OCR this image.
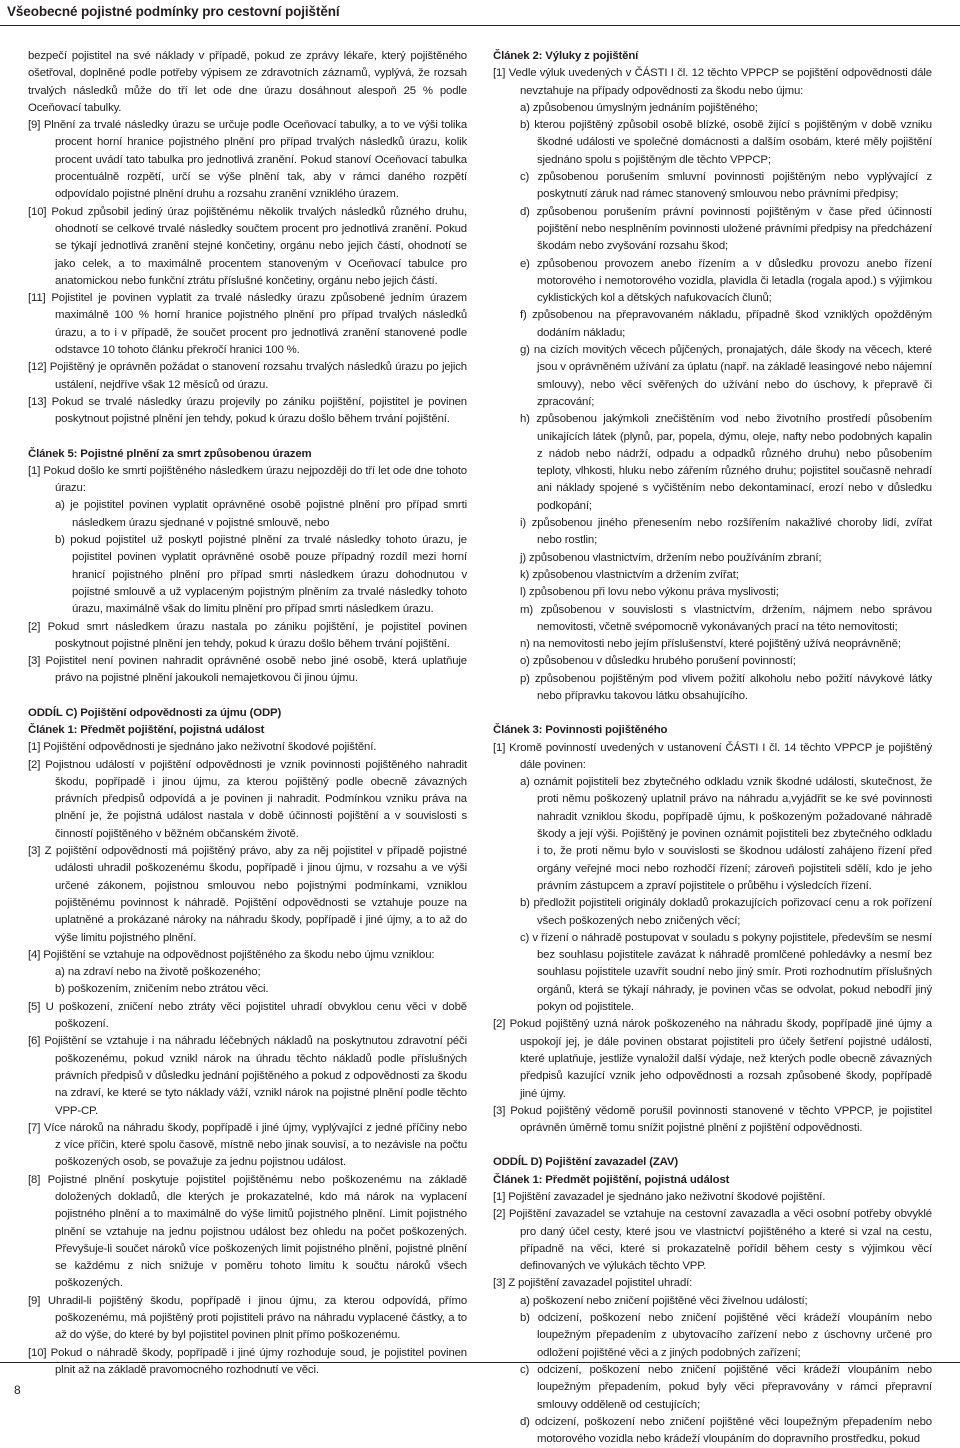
Všeobecné pojistné podmínky pro cestovní pojištění
bezpečí pojistitel na své náklady v případě, pokud ze zprávy lékaře, který pojištěného ošetřoval, doplněné podle potřeby výpisem ze zdravotních záznamů, vyplývá, že rozsah trvalých následků může do tří let ode dne úrazu dosáhnout alespoň 25 % podle Oceňovací tabulky.
[9] Plnění za trvalé následky úrazu se určuje podle Oceňovací tabulky, a to ve výši tolika procent horní hranice pojistného plnění pro případ trvalých následků úrazu, kolik procent uvádí tato tabulka pro jednotlivá zranění. Pokud stanoví Oceňovací tabulka procentuálně rozpětí, určí se výše plnění tak, aby v rámci daného rozpětí odpovídalo pojistné plnění druhu a rozsahu zranění vzniklého úrazem.
[10] Pokud způsobil jediný úraz pojištěnému několik trvalých následků různého druhu, ohodnotí se celkové trvalé následky součtem procent pro jednotlivá zranění. Pokud se týkají jednotlivá zranění stejné končetiny, orgánu nebo jejich částí, ohodnotí se jako celek, a to maximálně procentem stanoveným v Oceňovací tabulce pro anatomickou nebo funkční ztrátu příslušné končetiny, orgánu nebo jejich částí.
[11] Pojistitel je povinen vyplatit za trvalé následky úrazu způsobené jedním úrazem maximálně 100 % horní hranice pojistného plnění pro případ trvalých následků úrazu, a to i v případě, že součet procent pro jednotlivá zranění stanovené podle odstavce 10 tohoto článku překročí hranici 100 %.
[12] Pojištěný je oprávněn požádat o stanovení rozsahu trvalých následků úrazu po jejich ustálení, nejdříve však 12 měsíců od úrazu.
[13] Pokud se trvalé následky úrazu projevily po zániku pojištění, pojistitel je povinen poskytnout pojistné plnění jen tehdy, pokud k úrazu došlo během trvání pojištění.
Článek 5: Pojistné plnění za smrt způsobenou úrazem
[1] Pokud došlo ke smrti pojištěného následkem úrazu nejpozději do tří let ode dne tohoto úrazu:
a) je pojistitel povinen vyplatit oprávněné osobě pojistné plnění pro případ smrti následkem úrazu sjednané v pojistné smlouvě, nebo
b) pokud pojistitel už poskytl pojistné plnění za trvalé následky tohoto úrazu, je pojistitel povinen vyplatit oprávněné osobě pouze případný rozdíl mezi horní hranicí pojistného plnění pro případ smrti následkem úrazu dohodnutou v pojistné smlouvě a už vyplaceným pojistným plněním za trvalé následky tohoto úrazu, maximálně však do limitu plnění pro případ smrti následkem úrazu.
[2] Pokud smrt následkem úrazu nastala po zániku pojištění, je pojistitel povinen poskytnout pojistné plnění jen tehdy, pokud k úrazu došlo během trvání pojištění.
[3] Pojistitel není povinen nahradit oprávněné osobě nebo jiné osobě, která uplatňuje právo na pojistné plnění jakoukoli nemajetkovou či jinou újmu.
ODDÍL C) Pojištění odpovědnosti za újmu (ODP)
Článek 1: Předmět pojištění, pojistná událost
[1] Pojištění odpovědnosti je sjednáno jako neživotní škodové pojištění.
[2] Pojistnou událostí v pojištění odpovědnosti je vznik povinnosti pojištěného nahradit škodu, popřípadě i jinou újmu, za kterou pojištěný podle obecně závazných právních předpisů odpovídá a je povinen ji nahradit. Podmínkou vzniku práva na plnění je, že pojistná událost nastala v době účinnosti pojištění a v souvislosti s činností pojištěného v běžném občanském životě.
[3] Z pojištění odpovědnosti má pojištěný právo, aby za něj pojistitel v případě pojistné události uhradil poškozenému škodu, popřípadě i jinou újmu, v rozsahu a ve výši určené zákonem, pojistnou smlouvou nebo pojistnými podmínkami, vzniklou pojištěnému povinnost k náhradě. Pojištění odpovědnosti se vztahuje pouze na uplatněné a prokázané nároky na náhradu škody, popřípadě i jiné újmy, a to až do výše limitu pojistného plnění.
[4] Pojištění se vztahuje na odpovědnost pojištěného za škodu nebo újmu vzniklou:
a) na zdraví nebo na životě poškozeného;
b) poškozením, zničením nebo ztrátou věci.
[5] U poškození, zničení nebo ztráty věci pojistitel uhradí obvyklou cenu věci v době poškození.
[6] Pojištění se vztahuje i na náhradu léčebných nákladů na poskytnutou zdravotní péči poškozenému, pokud vznikl nárok na úhradu těchto nákladů podle příslušných právních předpisů v důsledku jednání pojištěného a pokud z odpovědnosti za škodu na zdraví, ke které se tyto náklady váží, vznikl nárok na pojistné plnění podle těchto VPP-CP.
[7] Více nároků na náhradu škody, popřípadě i jiné újmy, vyplývající z jedné příčiny nebo z více příčin, které spolu časově, místně nebo jinak souvisí, a to nezávisle na počtu poškozených osob, se považuje za jednu pojistnou událost.
[8] Pojistné plnění poskytuje pojistitel pojištěnému nebo poškozenému na základě doložených dokladů, dle kterých je prokazatelné, kdo má nárok na vyplacení pojistného plnění a to maximálně do výše limitů pojistného plnění. Limit pojistného plnění se vztahuje na jednu pojistnou událost bez ohledu na počet poškozených. Převyšuje-li součet nároků více poškozených limit pojistného plnění, pojistné plnění se každému z nich snižuje v poměru tohoto limitu k součtu nároků všech poškozených.
[9] Uhradil-li pojištěný škodu, popřípadě i jinou újmu, za kterou odpovídá, přímo poškozenému, má pojištěný proti pojistiteli právo na náhradu vyplacené částky, a to až do výše, do které by byl pojistitel povinen plnit přímo poškozenému.
[10] Pokud o náhradě škody, popřípadě i jiné újmy rozhoduje soud, je pojistitel povinen plnit až na základě pravomocného rozhodnutí ve věci.
Článek 2: Výluky z pojištění
[1] Vedle výluk uvedených v ČÁSTI I čl. 12 těchto VPPCP se pojištění odpovědnosti dále nevztahuje na případy odpovědnosti za škodu nebo újmu:
a) způsobenou úmyslným jednáním pojištěného;
b) kterou pojištěný způsobil osobě blízké, osobě žijící s pojištěným v době vzniku škodné události ve společné domácnosti a dalším osobám, které měly pojištění sjednáno spolu s pojištěným dle těchto VPPCP;
c) způsobenou porušením smluvní povinnosti pojištěným nebo vyplývající z poskytnutí záruk nad rámec stanovený smlouvou nebo právními předpisy;
d) způsobenou porušením právní povinnosti pojištěným v čase před účinností pojištění nebo nesplněním povinnosti uložené právními předpisy na předcházení škodám nebo zvyšování rozsahu škod;
e) způsobenou provozem anebo řízením a v důsledku provozu anebo řízení motorového i nemotorového vozidla, plavidla či letadla (rogala apod.) s výjimkou cyklistických kol a dětských nafukovacích člunů;
f) způsobenou na přepravovaném nákladu, případně škod vzniklých opožděným dodáním nákladu;
g) na cizích movitých věcech půjčených, pronajatých, dále škody na věcech, které jsou v oprávněném užívání za úplatu (např. na základě leasingové nebo nájemní smlouvy), nebo věcí svěřených do užívání nebo do úschovy, k přepravě či zpracování;
h) způsobenou jakýmkoli znečištěním vod nebo životního prostředí působením unikajících látek (plynů, par, popela, dýmu, oleje, nafty nebo podobných kapalin z nádob nebo nádrží, odpadu a odpadků různého druhu) nebo působením teploty, vlhkosti, hluku nebo zářením různého druhu; pojistitel současně nehradí ani náklady spojené s vyčištěním nebo dekontaminací, erozí nebo v důsledku podkopání;
i) způsobenou jiného přenesením nebo rozšířením nakažlivé choroby lidí, zvířat nebo rostlin;
j) způsobenou vlastnictvím, držením nebo používáním zbraní;
k) způsobenou vlastnictvím a držením zvířat;
l) způsobenou při lovu nebo výkonu práva myslivosti;
m) způsobenou v souvislosti s vlastnictvím, držením, nájmem nebo správou nemovitosti, včetně svépomocně vykonávaných prací na této nemovitosti;
n) na nemovitosti nebo jejím příslušenství, které pojištěný užívá neoprávněně;
o) způsobenou v důsledku hrubého porušení povinností;
p) způsobenou pojištěným pod vlivem požití alkoholu nebo požití návykové látky nebo přípravku takovou látku obsahujícího.
Článek 3: Povinnosti pojištěného
[1] Kromě povinností uvedených v ustanovení ČÁSTI I čl. 14 těchto VPPCP je pojištěný dále povinen:
a) oznámit pojistiteli bez zbytečného odkladu vznik škodné události, skutečnost, že proti němu poškozený uplatnil právo na náhradu a,vyjádřit se ke své povinnosti nahradit vzniklou škodu, popřípadě újmu, k poškozeným požadované náhradě škody a její výši. Pojištěný je povinen oznámit pojistiteli bez zbytečného odkladu i to, že proti němu bylo v souvislosti se škodnou událostí zahájeno řízení před orgány veřejné moci nebo rozhodčí řízení; zároveň pojistiteli sdělí, kdo je jeho právním zástupcem a zpraví pojistitele o průběhu i výsledcích řízení.
b) předložit pojistiteli originály dokladů prokazujících pořizovací cenu a rok pořízení všech poškozených nebo zničených věcí;
c) v řízení o náhradě postupovat v souladu s pokyny pojistitele, především se nesmí bez souhlasu pojistitele zavázat k náhradě promlčené pohledávky a nesmí bez souhlasu pojistitele uzavřít soudní nebo jiný smír. Proti rozhodnutím příslušných orgánů, která se týkají náhrady, je povinen včas se odvolat, pokud nebodří jiný pokyn od pojistitele.
[2] Pokud pojištěný uzná nárok poškozeného na náhradu škody, popřípadě jiné újmy a uspokojí jej, je dále povinen obstarat pojistiteli pro účely šetření pojistné události, které uplatňuje, jestliže vynaložil další výdaje, než kterých podle obecně závazných předpisů kazující vznik jeho odpovědnosti a rozsah způsobené škody, popřípadě jiné újmy.
[3] Pokud pojištěný vědomě porušil povinnosti stanovené v těchto VPPCP, je pojistitel oprávněn úměrně tomu snížit pojistné plnění z pojištění odpovědnosti.
ODDÍL D) Pojištění zavazadel (ZAV)
Článek 1: Předmět pojištění, pojistná událost
[1] Pojištění zavazadel je sjednáno jako neživotní škodové pojištění.
[2] Pojištění zavazadel se vztahuje na cestovní zavazadla a věci osobní potřeby obvyklé pro daný účel cesty, které jsou ve vlastnictví pojištěného a které si vzal na cestu, případně na věci, které si prokazatelně pořídil během cesty s výjimkou věcí definovaných ve výlukách těchto VPP.
[3] Z pojištění zavazadel pojistitel uhradí:
a) poškození nebo zničení pojištěné věci živelnou událostí;
b) odcizení, poškození nebo zničení pojištěné věci krádeží vloupáním nebo loupežným přepadením z ubytovacího zařízení nebo z úschovny určené pro odložení pojištěné věci a z jiných podobných zařízení;
c) odcizení, poškození nebo zničení pojištěné věci krádeží vloupáním nebo loupežným přepadením, pokud byly věci přepravovány v rámci přepravní smlouvy odděleně od cestujících;
d) odcizení, poškození nebo zničení pojištěné věci loupežným přepadením nebo motorového vozidla nebo krádeží vloupáním do dopravního prostředku, pokud
8
